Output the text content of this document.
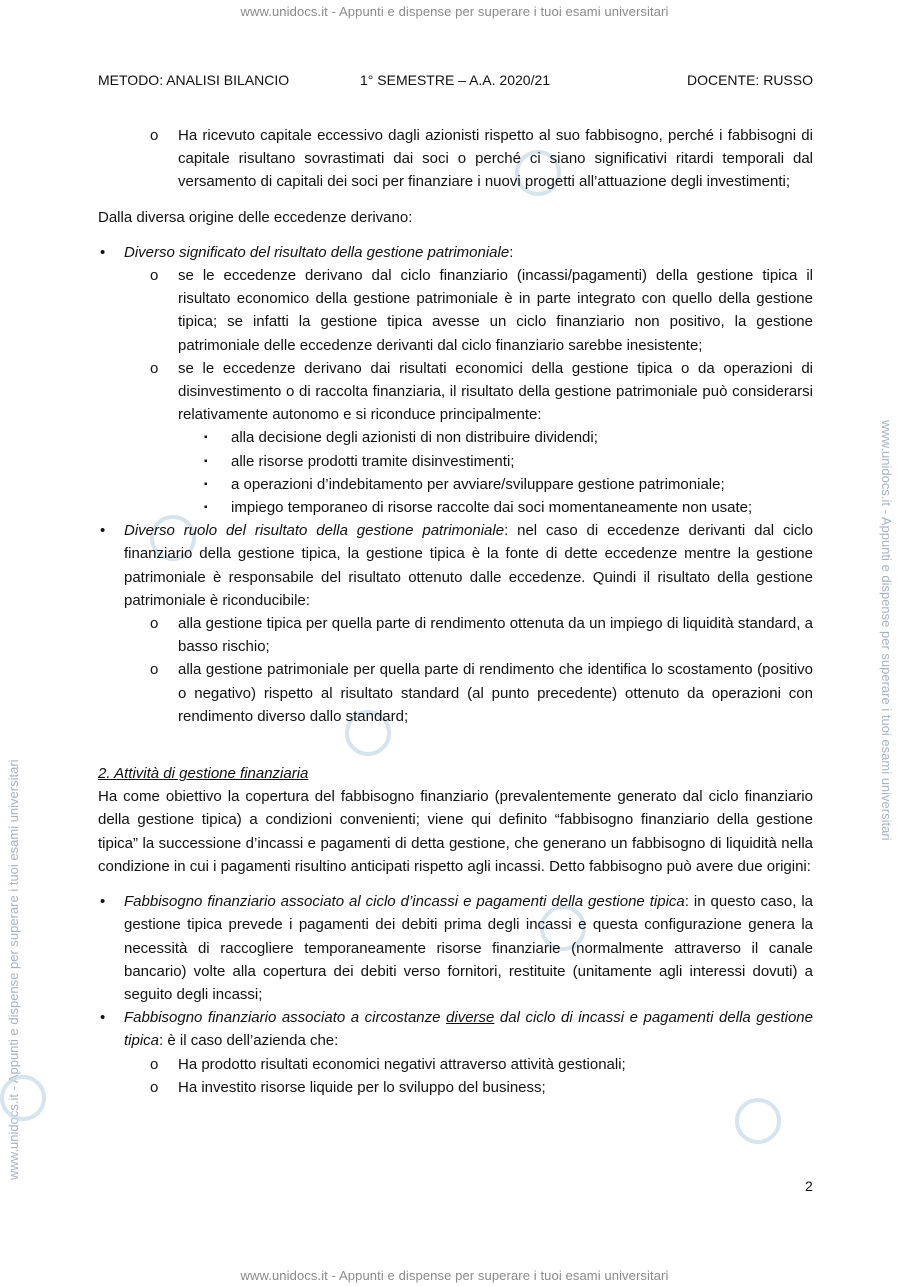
www.unidocs.it - Appunti e dispense per superare i tuoi esami universitari
www.unidocs.it - Appunti e dispense per superare i tuoi esami universitari
www.unidocs.it - Appunti e dispense per superare i tuoi esami universitari
www.unidocs.it - Appunti e dispense per superare i tuoi esami universitari
METODO: ANALISI BILANCIO	1° SEMESTRE – A.A. 2020/21	DOCENTE: RUSSO
o Ha ricevuto capitale eccessivo dagli azionisti rispetto al suo fabbisogno, perché i fabbisogni di capitale risultano sovrastimati dai soci o perché ci siano significativi ritardi temporali dal versamento di capitali dei soci per finanziare i nuovi progetti all’attuazione degli investimenti;

Dalla diversa origine delle eccedenze derivano:

• Diverso significato del risultato della gestione patrimoniale:
o se le eccedenze derivano dal ciclo finanziario (incassi/pagamenti) della gestione tipica il risultato economico della gestione patrimoniale è in parte integrato con quello della gestione tipica; se infatti la gestione tipica avesse un ciclo finanziario non positivo, la gestione patrimoniale delle eccedenze derivanti dal ciclo finanziario sarebbe inesistente;
o se le eccedenze derivano dai risultati economici della gestione tipica o da operazioni di disinvestimento o di raccolta finanziaria, il risultato della gestione patrimoniale può considerarsi relativamente autonomo e si riconduce principalmente:
▪ alla decisione degli azionisti di non distribuire dividendi;
▪ alle risorse prodotti tramite disinvestimenti;
▪ a operazioni d’indebitamento per avviare/sviluppare gestione patrimoniale;
▪ impiego temporaneo di risorse raccolte dai soci momentaneamente non usate;
• Diverso ruolo del risultato della gestione patrimoniale: nel caso di eccedenze derivanti dal ciclo finanziario della gestione tipica, la gestione tipica è la fonte di dette eccedenze mentre la gestione patrimoniale è responsabile del risultato ottenuto dalle eccedenze. Quindi il risultato della gestione patrimoniale è riconducibile:
o alla gestione tipica per quella parte di rendimento ottenuta da un impiego di liquidità standard, a basso rischio;
o alla gestione patrimoniale per quella parte di rendimento che identifica lo scostamento (positivo o negativo) rispetto al risultato standard (al punto precedente) ottenuto da operazioni con rendimento diverso dallo standard;

2. Attività di gestione finanziaria

Ha come obiettivo la copertura del fabbisogno finanziario (prevalentemente generato dal ciclo finanziario della gestione tipica) a condizioni convenienti; viene qui definito “fabbisogno finanziario della gestione tipica” la successione d’incassi e pagamenti di detta gestione, che generano un fabbisogno di liquidità nella condizione in cui i pagamenti risultino anticipati rispetto agli incassi. Detto fabbisogno può avere due origini:

• Fabbisogno finanziario associato al ciclo d’incassi e pagamenti della gestione tipica: in questo caso, la gestione tipica prevede i pagamenti dei debiti prima degli incassi e questa configurazione genera la necessità di raccogliere temporaneamente risorse finanziarie (normalmente attraverso il canale bancario) volte alla copertura dei debiti verso fornitori, restituite (unitamente agli interessi dovuti) a seguito degli incassi;
• Fabbisogno finanziario associato a circostanze diverse dal ciclo di incassi e pagamenti della gestione tipica: è il caso dell’azienda che:
o Ha prodotto risultati economici negativi attraverso attività gestionali;
o Ha investito risorse liquide per lo sviluppo del business;
2
